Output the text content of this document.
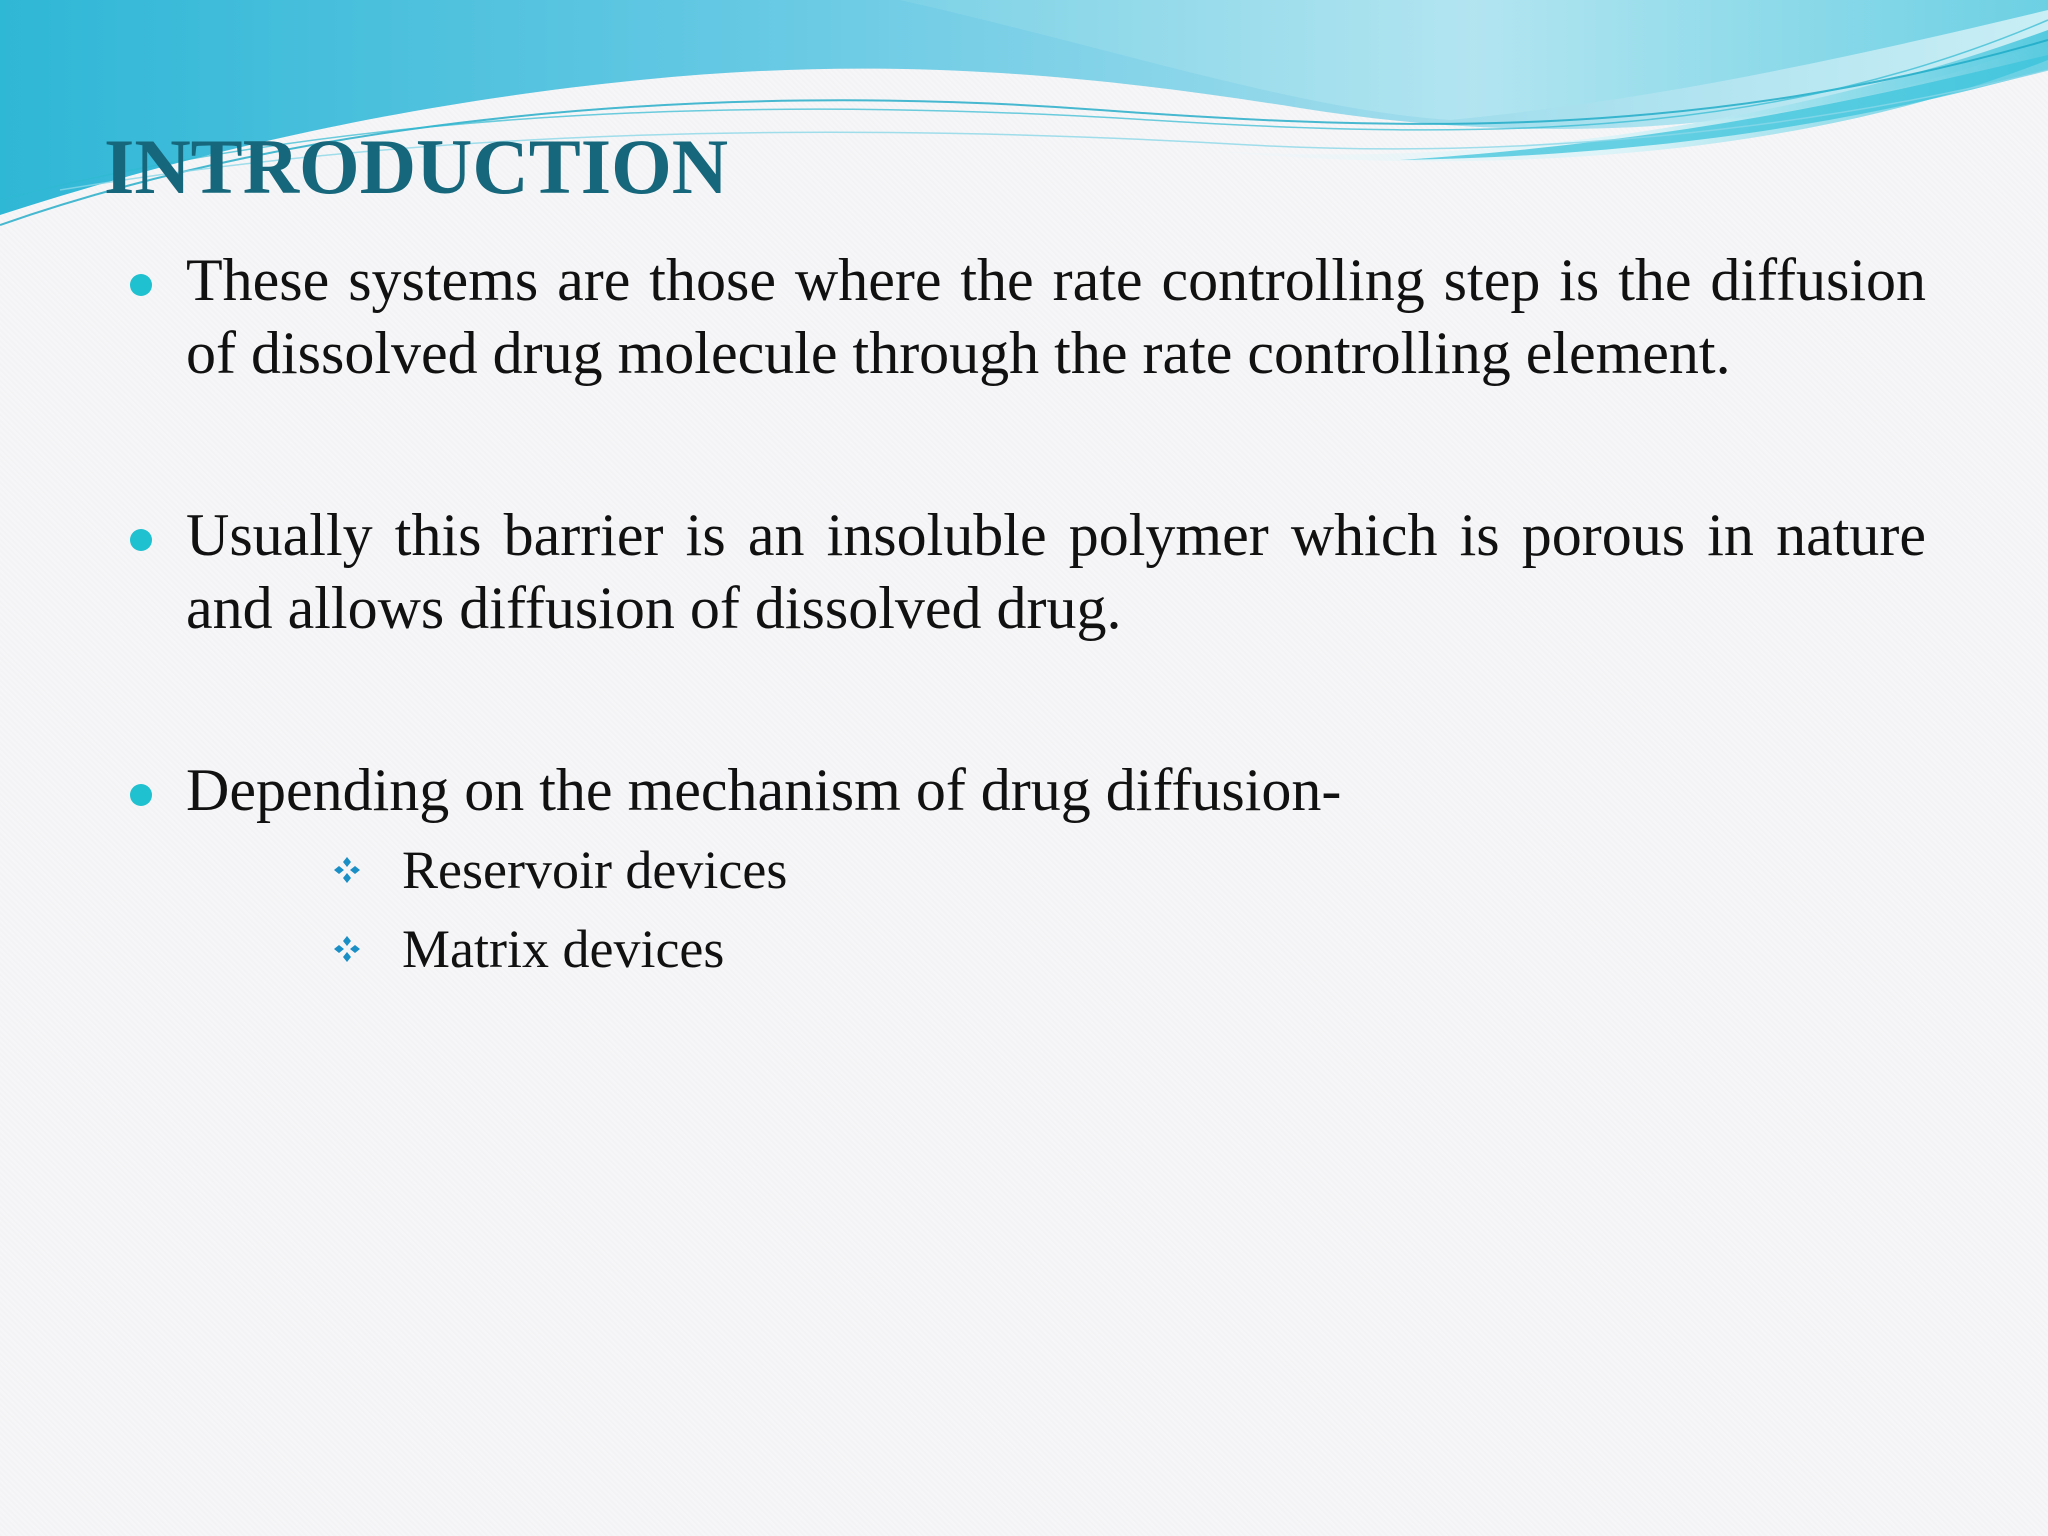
INTRODUCTION
These systems are those where the rate controlling step is the diffusion of dissolved drug molecule through the rate controlling element.
Usually this barrier is an insoluble polymer which is porous in nature and allows diffusion of dissolved drug.
Depending on the mechanism of drug diffusion-
Reservoir devices
Matrix devices
